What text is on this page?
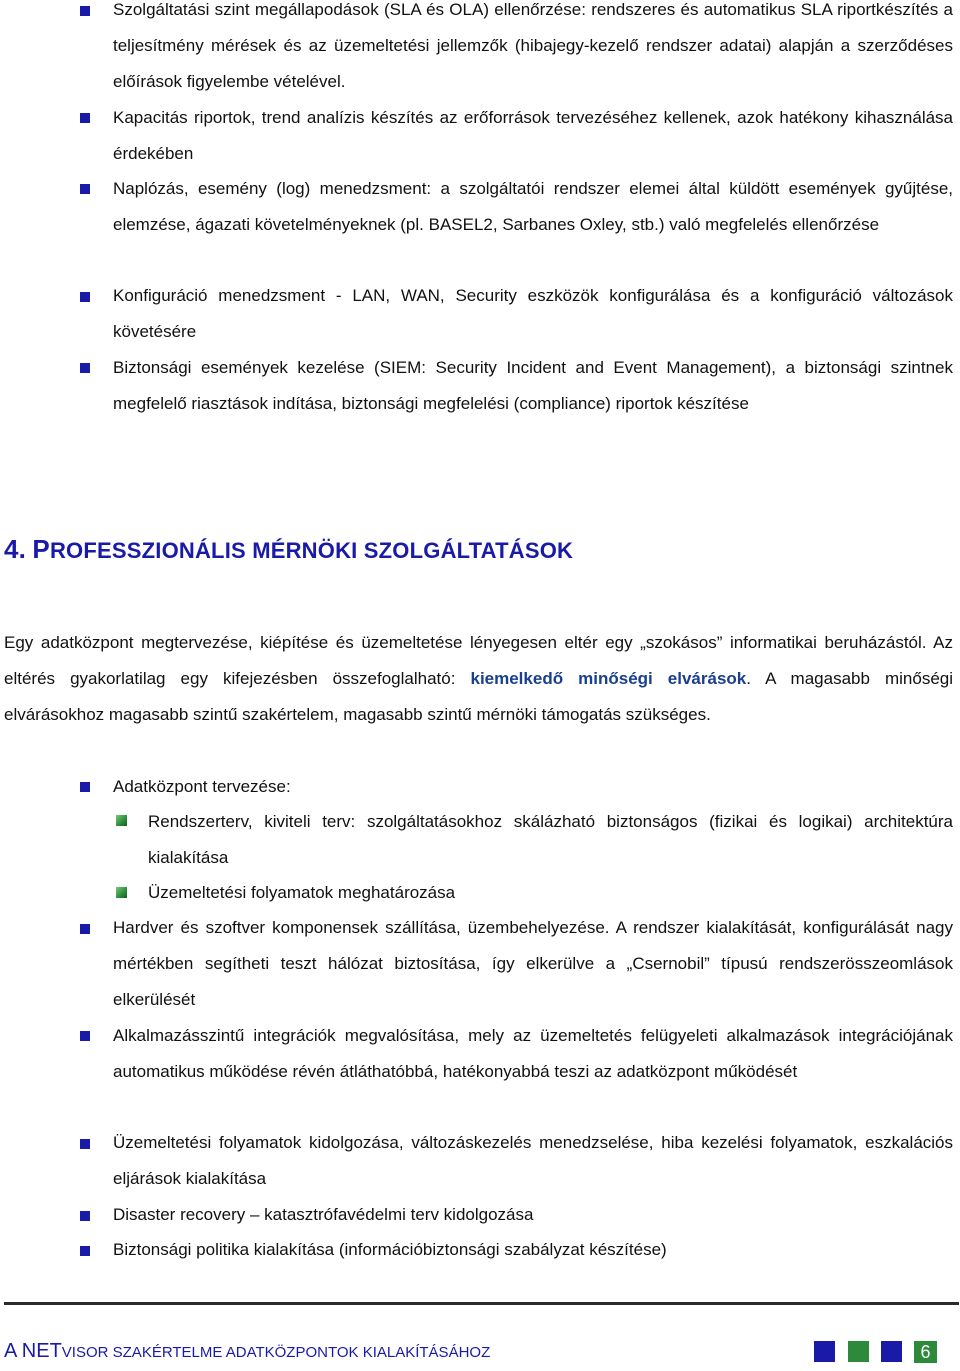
Szolgáltatási szint megállapodások (SLA és OLA) ellenőrzése: rendszeres és automatikus SLA riportkészítés a teljesítmény mérések és az üzemeltetési jellemzők (hibajegy-kezelő rendszer adatai) alapján a szerződéses előírások figyelembe vételével.
Kapacitás riportok, trend analízis készítés az erőforrások tervezéséhez kellenek, azok hatékony kihasználása érdekében
Naplózás, esemény (log) menedzsment: a szolgáltatói rendszer elemei által küldött események gyűjtése, elemzése, ágazati követelményeknek (pl. BASEL2, Sarbanes Oxley, stb.) való megfelelés ellenőrzése
Konfiguráció menedzsment - LAN, WAN, Security eszközök konfigurálása és a konfiguráció változások követésére
Biztonsági események kezelése (SIEM: Security Incident and Event Management), a biztonsági szintnek megfelelő riasztások indítása, biztonsági megfelelési (compliance) riportok készítése
4. PROFESSZIONÁLIS MÉRNÖKI SZOLGÁLTATÁSOK
Egy adatközpont megtervezése, kiépítése és üzemeltetése lényegesen eltér egy „szokásos” informatikai beruházástól. Az eltérés gyakorlatilag egy kifejezésben összefoglalható: kiemelkedő minőségi elvárások. A magasabb minőségi elvárásokhoz magasabb szintű szakértelem, magasabb szintű mérnöki támogatás szükséges.
Adatközpont tervezése:
Rendszerterv, kiviteli terv: szolgáltatásokhoz skálázható biztonságos (fizikai és logikai) architektúra kialakítása
Üzemeltetési folyamatok meghatározása
Hardver és szoftver komponensek szállítása, üzembehelyezése. A rendszer kialakítását, konfigurálását nagy mértékben segítheti teszt hálózat biztosítása, így elkerülve a „Csernobil” típusú rendszerösszeomlások elkerülését
Alkalmazásszintű integrációk megvalósítása, mely az üzemeltetés felügyeleti alkalmazások integrációjának automatikus működése révén átláthatóbbá, hatékonyabbá teszi az adatközpont működését
Üzemeltetési folyamatok kidolgozása, változáskezelés menedzselése, hiba kezelési folyamatok, eszkalációs eljárások kialakítása
Disaster recovery – katasztrófavédelmi terv kidolgozása
Biztonsági politika kialakítása (információbiztonsági szabályzat készítése)
A NETVISOR SZAKÉRTELME ADATKÖZPONTOK KIALAKÍTÁSÁHOZ	6
